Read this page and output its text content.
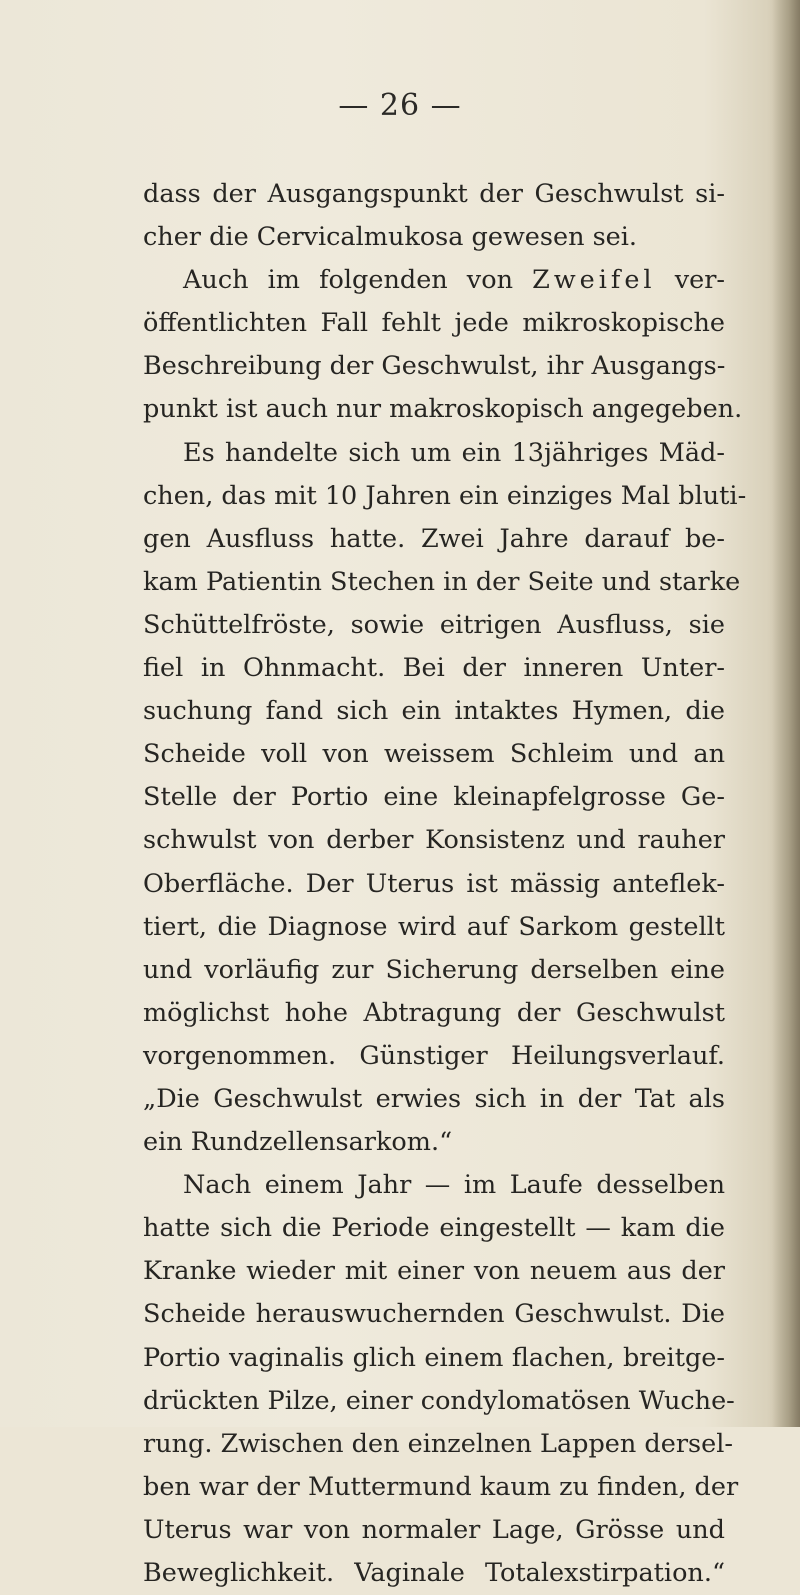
— 26 —
dass der Ausgangspunkt der Geschwulst si-
cher die Cervicalmukosa gewesen sei.
Auch im folgenden von Zweifel ver-
öffentlichten Fall fehlt jede mikroskopische
Beschreibung der Geschwulst, ihr Ausgangs-
punkt ist auch nur makroskopisch angegeben.
Es handelte sich um ein 13jähriges Mäd-
chen, das mit 10 Jahren ein einziges Mal bluti-
gen Ausfluss hatte. Zwei Jahre darauf be-
kam Patientin Stechen in der Seite und starke
Schüttelfröste, sowie eitrigen Ausfluss, sie
fiel in Ohnmacht. Bei der inneren Unter-
suchung fand sich ein intaktes Hymen, die
Scheide voll von weissem Schleim und an
Stelle der Portio eine kleinapfelgrosse Ge-
schwulst von derber Konsistenz und rauher
Oberfläche. Der Uterus ist mässig anteflek-
tiert, die Diagnose wird auf Sarkom gestellt
und vorläufig zur Sicherung derselben eine
möglichst hohe Abtragung der Geschwulst
vorgenommen. Günstiger Heilungsverlauf.
„Die Geschwulst erwies sich in der Tat als
ein Rundzellensarkom.“
Nach einem Jahr — im Laufe desselben
hatte sich die Periode eingestellt — kam die
Kranke wieder mit einer von neuem aus der
Scheide herauswuchernden Geschwulst. Die
Portio vaginalis glich einem flachen, breitge-
drückten Pilze, einer condylomatösen Wuche-
rung. Zwischen den einzelnen Lappen dersel-
ben war der Muttermund kaum zu finden, der
Uterus war von normaler Lage, Grösse und
Beweglichkeit. Vaginale Totalexstirpation.“
